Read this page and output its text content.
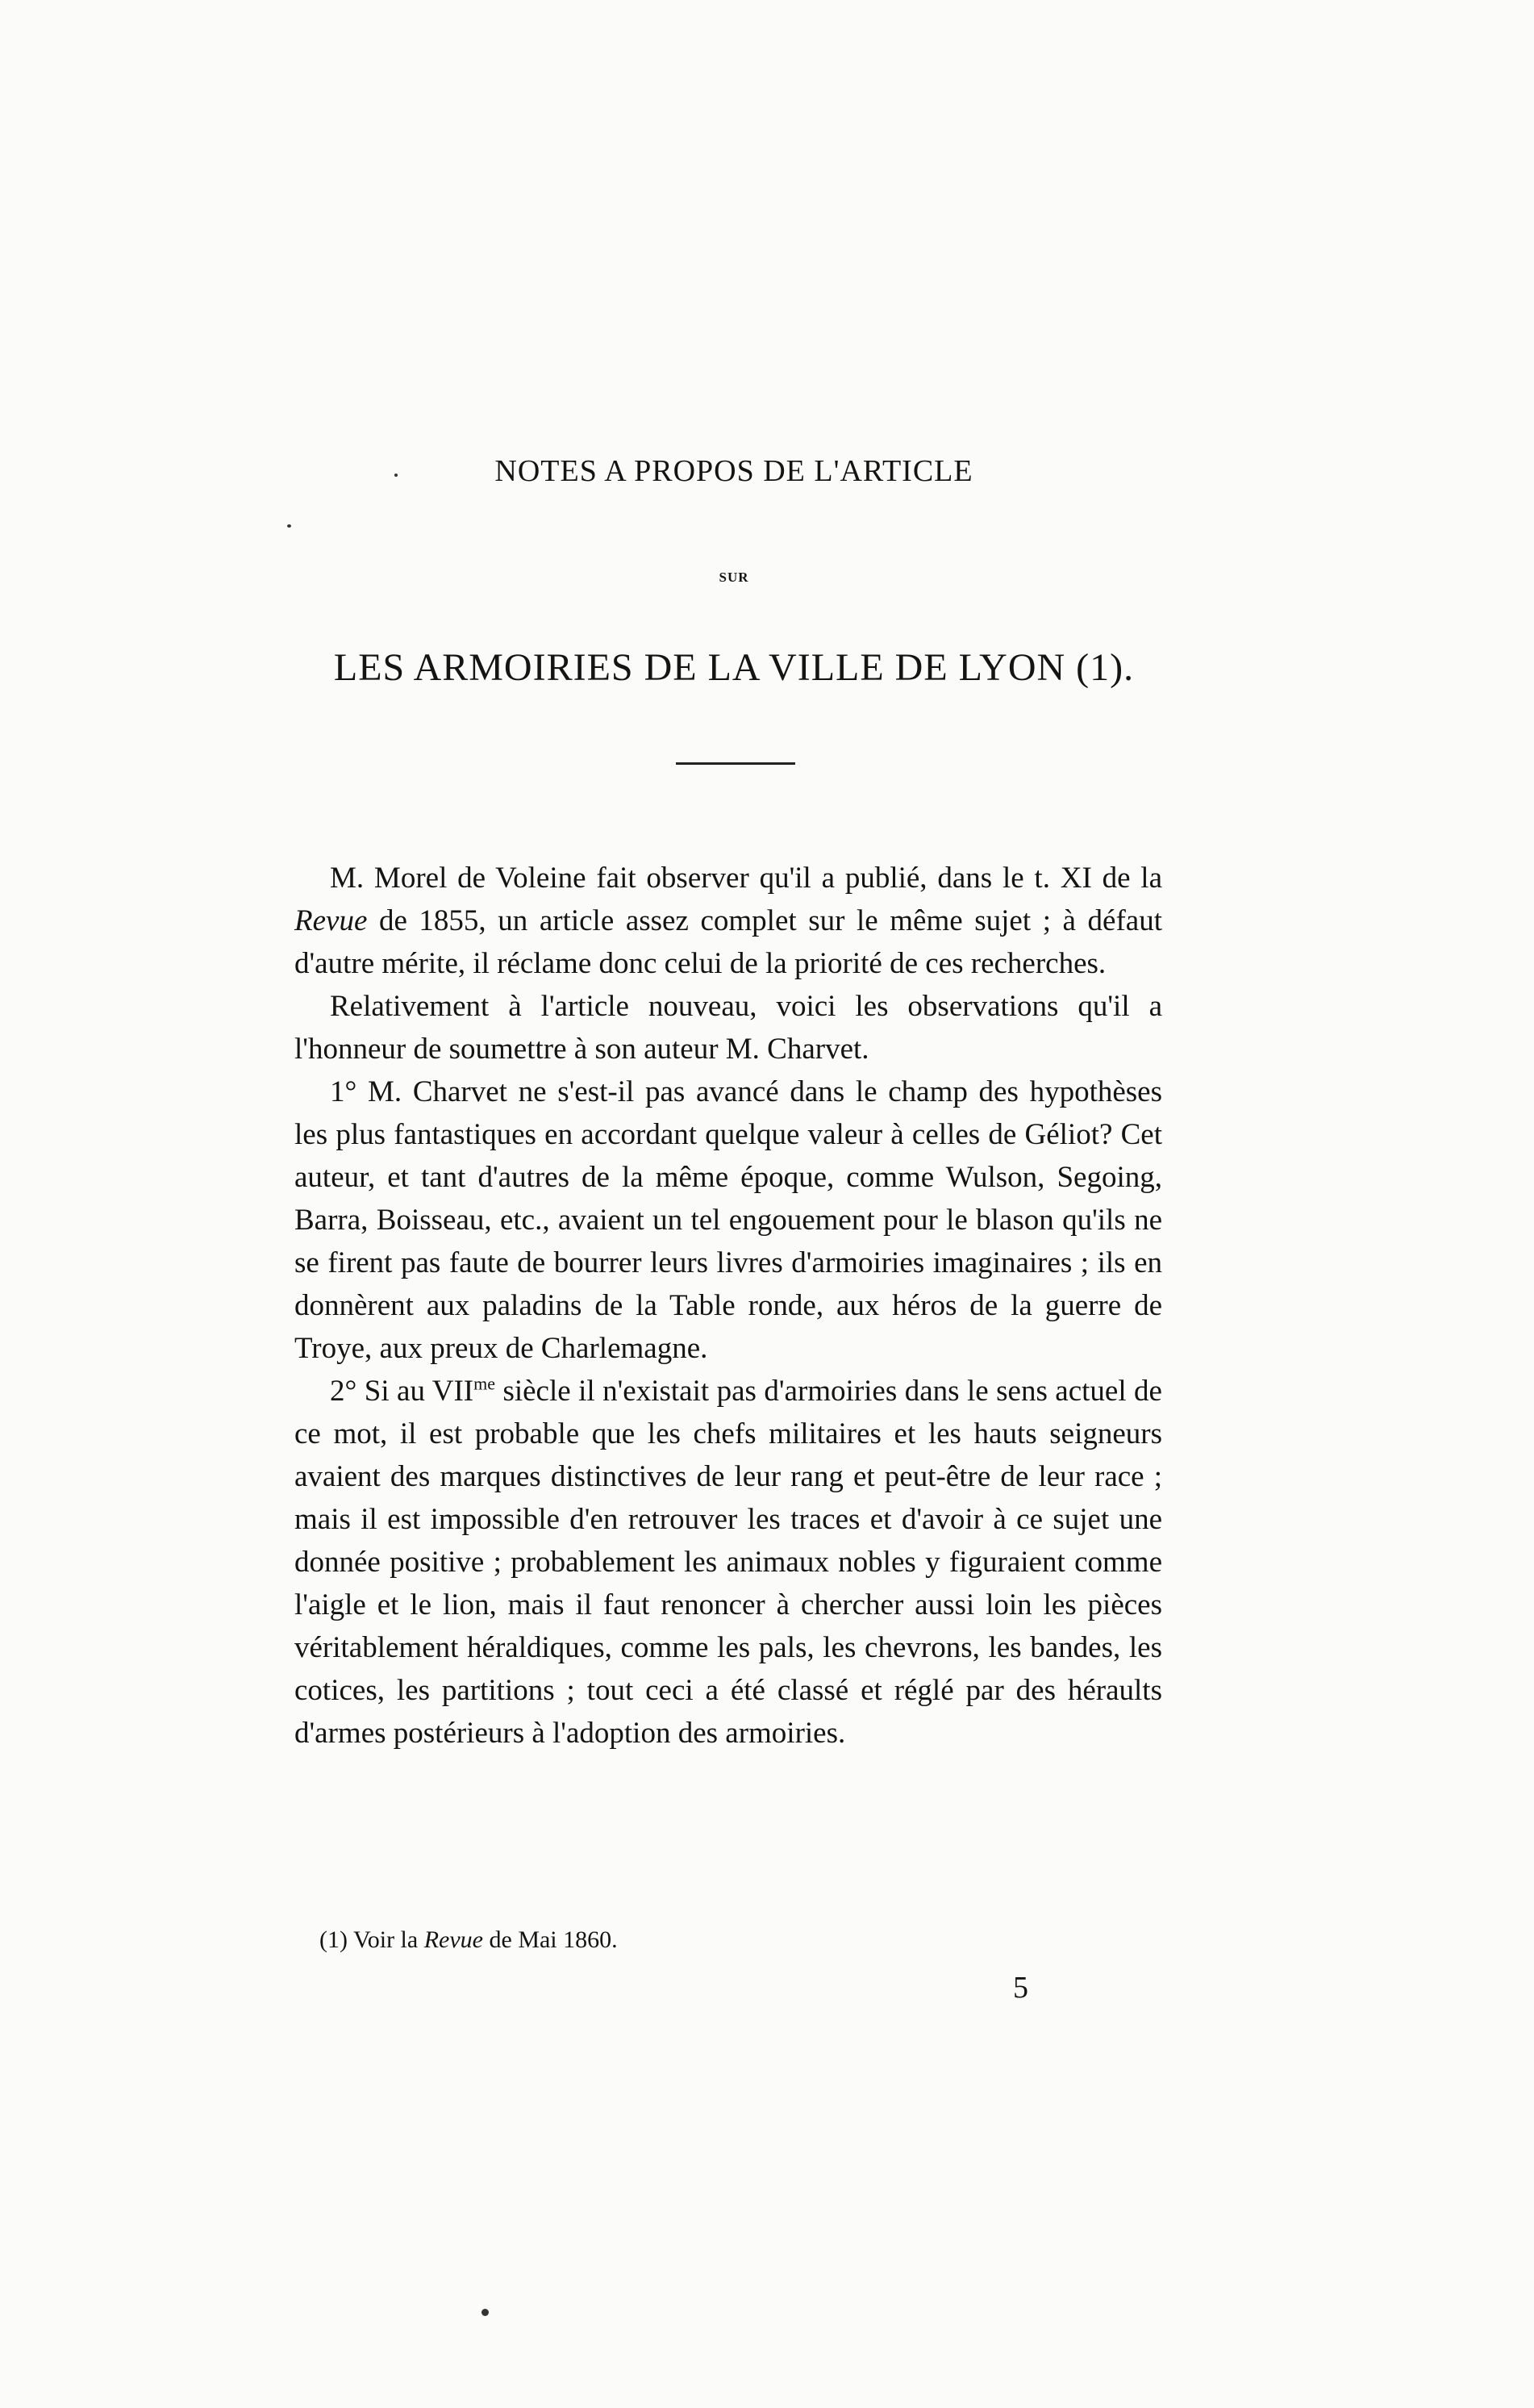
NOTES A PROPOS DE L'ARTICLE
SUR
LES ARMOIRIES DE LA VILLE DE LYON (1).

M. Morel de Voleine fait observer qu'il a publié, dans le t. XI de la Revue de 1855, un article assez complet sur le même sujet ; à défaut d'autre mérite, il réclame donc celui de la priorité de ces recherches.

Relativement à l'article nouveau, voici les observations qu'il a l'honneur de soumettre à son auteur M. Charvet.

1° M. Charvet ne s'est-il pas avancé dans le champ des hypothèses les plus fantastiques en accordant quelque valeur à celles de Géliot? Cet auteur, et tant d'autres de la même époque, comme Wulson, Segoing, Barra, Boisseau, etc., avaient un tel engouement pour le blason qu'ils ne se firent pas faute de bourrer leurs livres d'armoiries imaginaires ; ils en donnèrent aux paladins de la Table ronde, aux héros de la guerre de Troye, aux preux de Charlemagne.

2° Si au $VII^{me}$ siècle il n'existait pas d'armoiries dans le sens actuel de ce mot, il est probable que les chefs militaires et les hauts seigneurs avaient des marques distinctives de leur rang et peut-être de leur race ; mais il est impossible d'en retrouver les traces et d'avoir à ce sujet une donnée positive ; probablement les animaux nobles y figuraient comme l'aigle et le lion, mais il faut renoncer à chercher aussi loin les pièces véritablement héraldiques, comme les pals, les chevrons, les bandes, les cotices, les partitions ; tout ceci a été classé et réglé par des héraults d'armes postérieurs à l'adoption des armoiries.

(1) Voir la Revue de Mai 1860.
5
